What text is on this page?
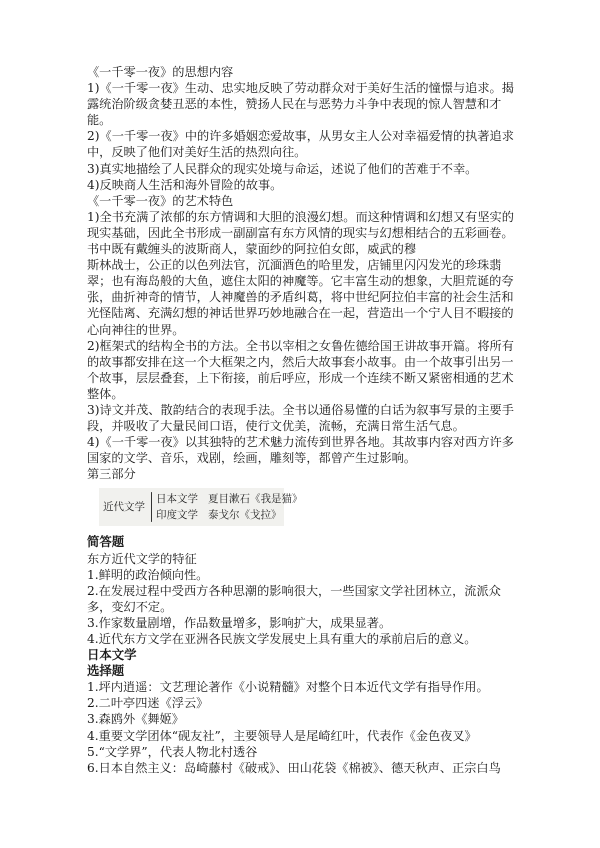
《一千零一夜》的思想内容

1)《一千零一夜》生动、忠实地反映了劳动群众对于美好生活的憧憬与追求。揭露统治阶级贪婪丑恶的本性，赞扬人民在与恶势力斗争中表现的惊人智慧和才能。

2)《一千零一夜》中的许多婚姻恋爱故事，从男女主人公对幸福爱情的执著追求中，反映了他们对美好生活的热烈向往。

3)真实地描绘了人民群众的现实处境与命运，述说了他们的苦难于不幸。

4)反映商人生活和海外冒险的故事。

《一千零一夜》的艺术特色

1)全书充满了浓郁的东方情调和大胆的浪漫幻想。而这种情调和幻想又有坚实的现实基础，因此全书形成一副副富有东方风情的现实与幻想相结合的五彩画卷。书中既有戴缠头的波斯商人，蒙面纱的阿拉伯女郎，威武的穆

斯林战士，公正的以色列法官，沉湎酒色的哈里发，店铺里闪闪发光的珍珠翡翠；也有海岛般的大鱼，遮住太阳的神魔等。它丰富生动的想象，大胆荒诞的夸张，曲折神奇的情节，人神魔兽的矛盾纠葛，将中世纪阿拉伯丰富的社会生活和光怪陆离、充满幻想的神话世界巧妙地融合在一起，营造出一个宁人目不暇接的心向神往的世界。

2)框架式的结构全书的方法。全书以宰相之女鲁佐德给国王讲故事开篇。将所有的故事都安排在这一个大框架之内，然后大故事套小故事。由一个故事引出另一个故事，层层叠套，上下衔接，前后呼应，形成一个连续不断又紧密相通的艺术整体。

3)诗文并茂、散韵结合的表现手法。全书以通俗易懂的白话为叙事写景的主要手段，并吸收了大量民间口语，使行文优美，流畅，充满日常生活气息。

4)《一千零一夜》以其独特的艺术魅力流传到世界各地。其故事内容对西方许多国家的文学、音乐，戏剧，绘画，雕刻等，都曾产生过影响。

第三部分

近代文学
日本文学 夏目漱石《我是猫》
印度文学 泰戈尔《戈拉》

简答题

东方近代文学的特征

1.鲜明的政治倾向性。

2.在发展过程中受西方各种思潮的影响很大，一些国家文学社团林立，流派众多，变幻不定。

3.作家数量剧增，作品数量增多，影响扩大，成果显著。

4.近代东方文学在亚洲各民族文学发展史上具有重大的承前启后的意义。

日本文学

选择题

1.坪内逍遥：文艺理论著作《小说精髓》对整个日本近代文学有指导作用。

2.二叶亭四迷《浮云》

3.森鸥外《舞姬》

4.重要文学团体“砚友社”，主要领导人是尾崎红叶，代表作《金色夜叉》

5.“文学界”，代表人物北村透谷

6.日本自然主义：岛崎藤村《破戒》、田山花袋《棉被》、德天秋声、正宗白鸟
